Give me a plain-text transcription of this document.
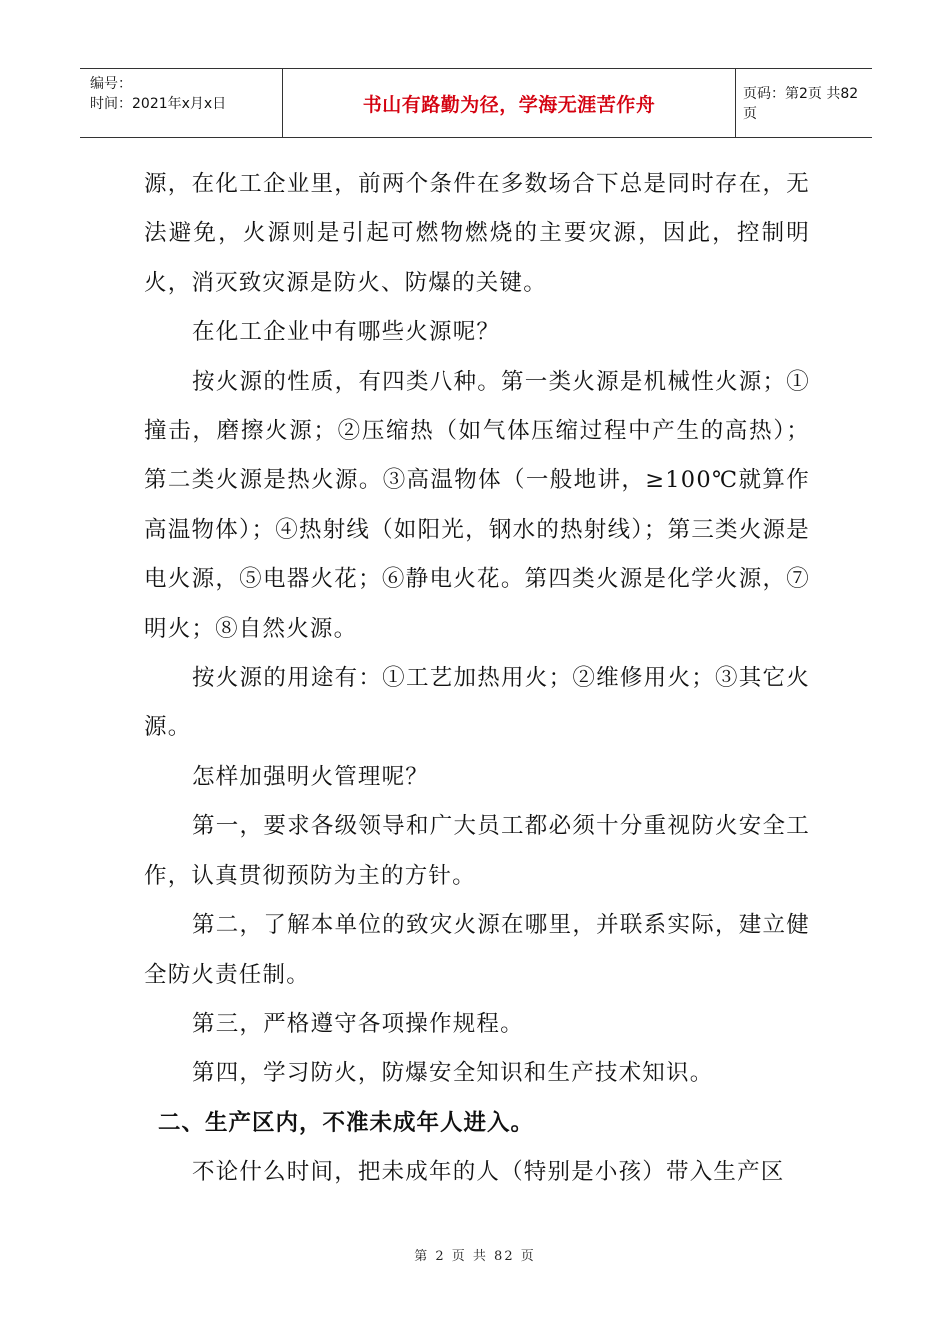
编号：
时间：2021年x月x日	书山有路勤为径，学海无涯苦作舟	页码：第2页 共82页

源，在化工企业里，前两个条件在多数场合下总是同时存在，无法避免，火源则是引起可燃物燃烧的主要灾源，因此，控制明火，消灭致灾源是防火、防爆的关键。

在化工企业中有哪些火源呢？

按火源的性质，有四类八种。第一类火源是机械性火源；①撞击，磨擦火源；②压缩热（如气体压缩过程中产生的高热）；第二类火源是热火源。③高温物体（一般地讲，≥100℃就算作高温物体）；④热射线（如阳光，钢水的热射线）；第三类火源是电火源，⑤电器火花；⑥静电火花。第四类火源是化学火源，⑦明火；⑧自然火源。

按火源的用途有：①工艺加热用火；②维修用火；③其它火源。

怎样加强明火管理呢？

第一，要求各级领导和广大员工都必须十分重视防火安全工作，认真贯彻预防为主的方针。

第二，了解本单位的致灾火源在哪里，并联系实际，建立健全防火责任制。

第三，严格遵守各项操作规程。

第四，学习防火，防爆安全知识和生产技术知识。

二、生产区内，不准未成年人进入。

不论什么时间，把未成年的人（特别是小孩）带入生产区

第 2 页 共 82 页
